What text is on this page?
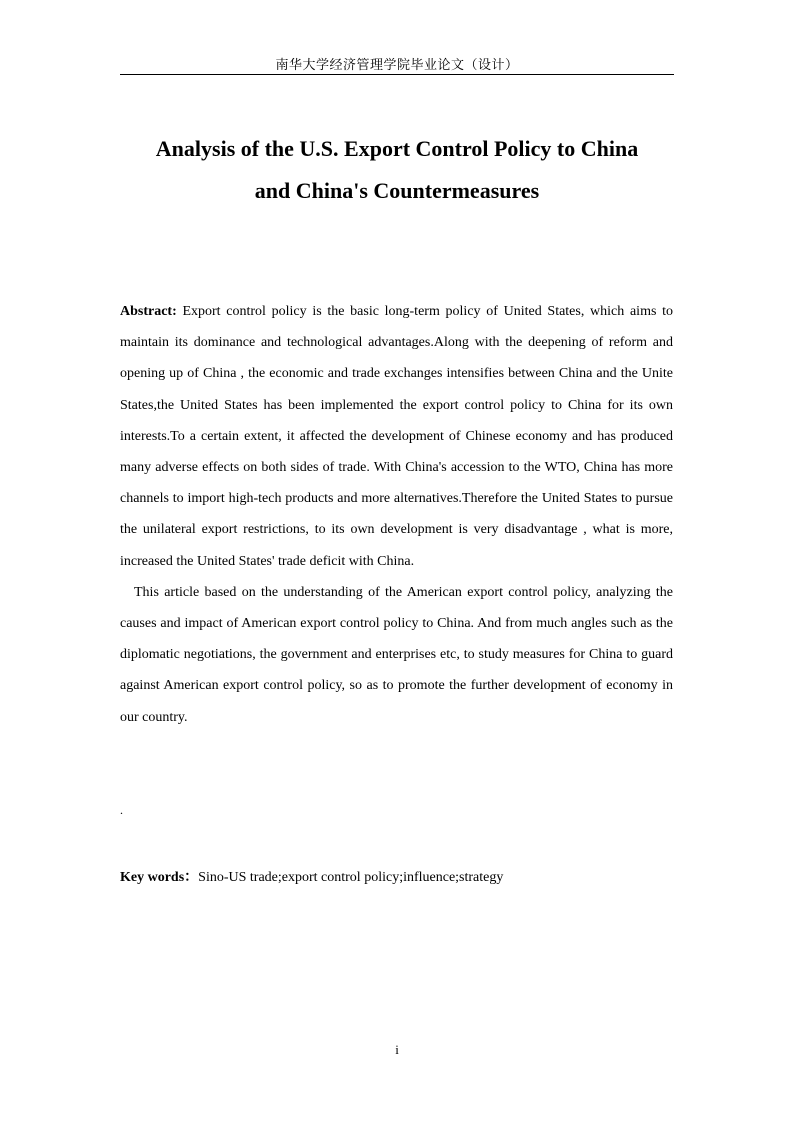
南华大学经济管理学院毕业论文（设计）
Analysis of the U.S. Export Control Policy to China
and China's Countermeasures

Abstract: Export control policy is the basic long-term policy of United States, which aims to maintain its dominance and technological advantages.Along with the deepening of reform and opening up of China , the economic and trade exchanges intensifies between China and the Unite States,the United States has been implemented the export control policy to China for its own interests.To a certain extent, it affected the development of Chinese economy and has produced many adverse effects on both sides of trade. With China's accession to the WTO, China has more channels to import high-tech products and more alternatives.Therefore the United States to pursue the unilateral export restrictions, to its own development is very disadvantage , what is more, increased the United States' trade deficit with China.

This article based on the understanding of the American export control policy, analyzing the causes and impact of American export control policy to China. And from much angles such as the diplomatic negotiations, the government and enterprises etc, to study measures for China to guard against American export control policy, so as to promote the further development of economy in our country.

.

Key words：Sino-US trade;export control policy;influence;strategy

i
